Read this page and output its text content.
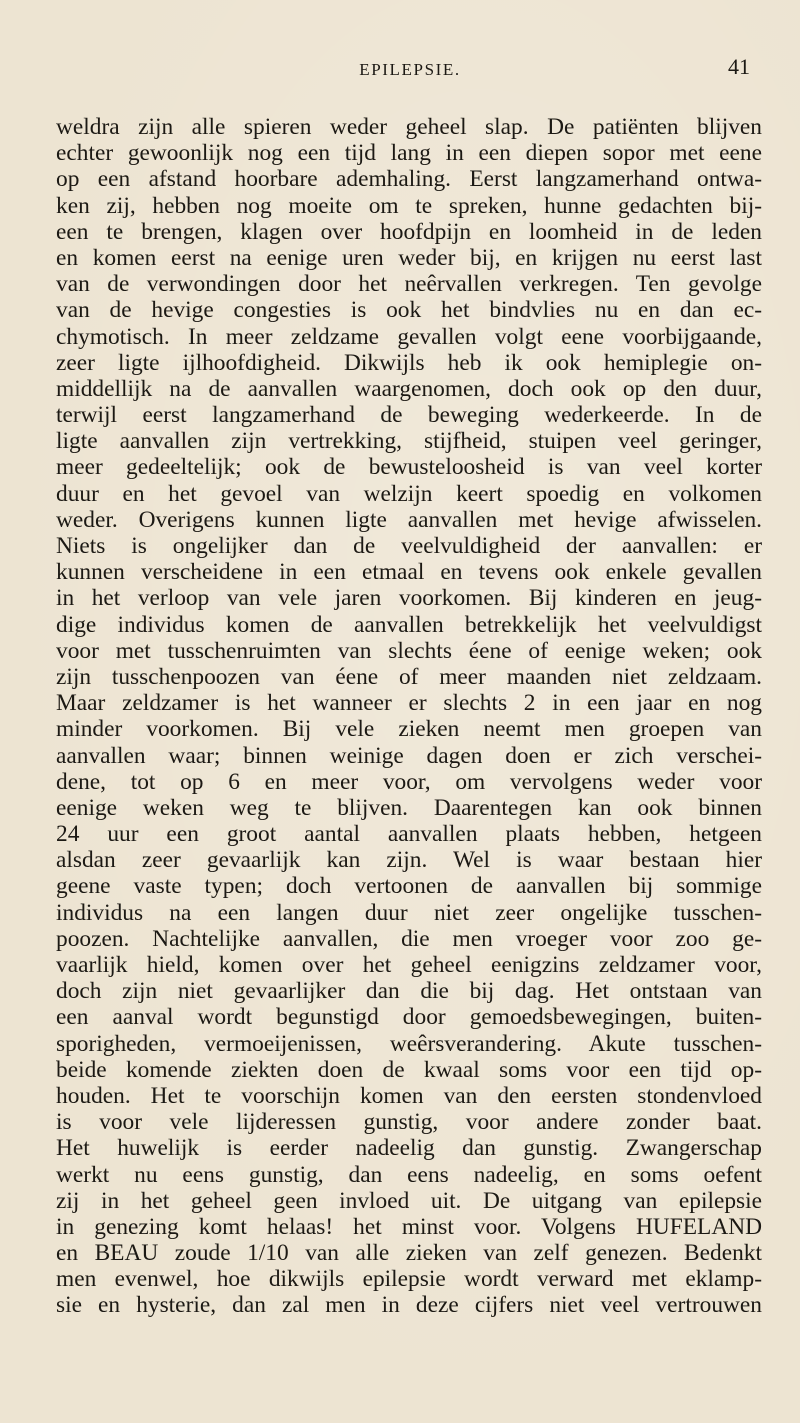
EPILEPSIE.	41
weldra zijn alle spieren weder geheel slap. De patiënten blijven
echter gewoonlijk nog een tijd lang in een diepen sopor met eene
op een afstand hoorbare ademhaling. Eerst langzamerhand ontwa-
ken zij, hebben nog moeite om te spreken, hunne gedachten bij-
een te brengen, klagen over hoofdpijn en loomheid in de leden
en komen eerst na eenige uren weder bij, en krijgen nu eerst last
van de verwondingen door het neêrvallen verkregen. Ten gevolge
van de hevige congesties is ook het bindvlies nu en dan ec-
chymotisch. In meer zeldzame gevallen volgt eene voorbijgaande,
zeer ligte ijlhoofdigheid. Dikwijls heb ik ook hemiplegie on-
middellijk na de aanvallen waargenomen, doch ook op den duur,
terwijl eerst langzamerhand de beweging wederkeerde. In de
ligte aanvallen zijn vertrekking, stijfheid, stuipen veel geringer,
meer gedeeltelijk; ook de bewusteloosheid is van veel korter
duur en het gevoel van welzijn keert spoedig en volkomen
weder. Overigens kunnen ligte aanvallen met hevige afwisselen.
Niets is ongelijker dan de veelvuldigheid der aanvallen: er
kunnen verscheidene in een etmaal en tevens ook enkele gevallen
in het verloop van vele jaren voorkomen. Bij kinderen en jeug-
dige individus komen de aanvallen betrekkelijk het veelvuldigst
voor met tusschenruimten van slechts éene of eenige weken; ook
zijn tusschenpoozen van éene of meer maanden niet zeldzaam.
Maar zeldzamer is het wanneer er slechts 2 in een jaar en nog
minder voorkomen. Bij vele zieken neemt men groepen van
aanvallen waar; binnen weinige dagen doen er zich verschei-
dene, tot op 6 en meer voor, om vervolgens weder voor
eenige weken weg te blijven. Daarentegen kan ook binnen
24 uur een groot aantal aanvallen plaats hebben, hetgeen
alsdan zeer gevaarlijk kan zijn. Wel is waar bestaan hier
geene vaste typen; doch vertoonen de aanvallen bij sommige
individus na een langen duur niet zeer ongelijke tusschen-
poozen. Nachtelijke aanvallen, die men vroeger voor zoo ge-
vaarlijk hield, komen over het geheel eenigzins zeldzamer voor,
doch zijn niet gevaarlijker dan die bij dag. Het ontstaan van
een aanval wordt begunstigd door gemoedsbewegingen, buiten-
sporigheden, vermoeijenissen, weêrsverandering. Akute tusschen-
beide komende ziekten doen de kwaal soms voor een tijd op-
houden. Het te voorschijn komen van den eersten stondenvloed
is voor vele lijderessen gunstig, voor andere zonder baat.
Het huwelijk is eerder nadeelig dan gunstig. Zwangerschap
werkt nu eens gunstig, dan eens nadeelig, en soms oefent
zij in het geheel geen invloed uit. De uitgang van epilepsie
in genezing komt helaas! het minst voor. Volgens HUFELAND
en BEAU zoude 1/10 van alle zieken van zelf genezen. Bedenkt
men evenwel, hoe dikwijls epilepsie wordt verward met eklamp-
sie en hysterie, dan zal men in deze cijfers niet veel vertrouwen
